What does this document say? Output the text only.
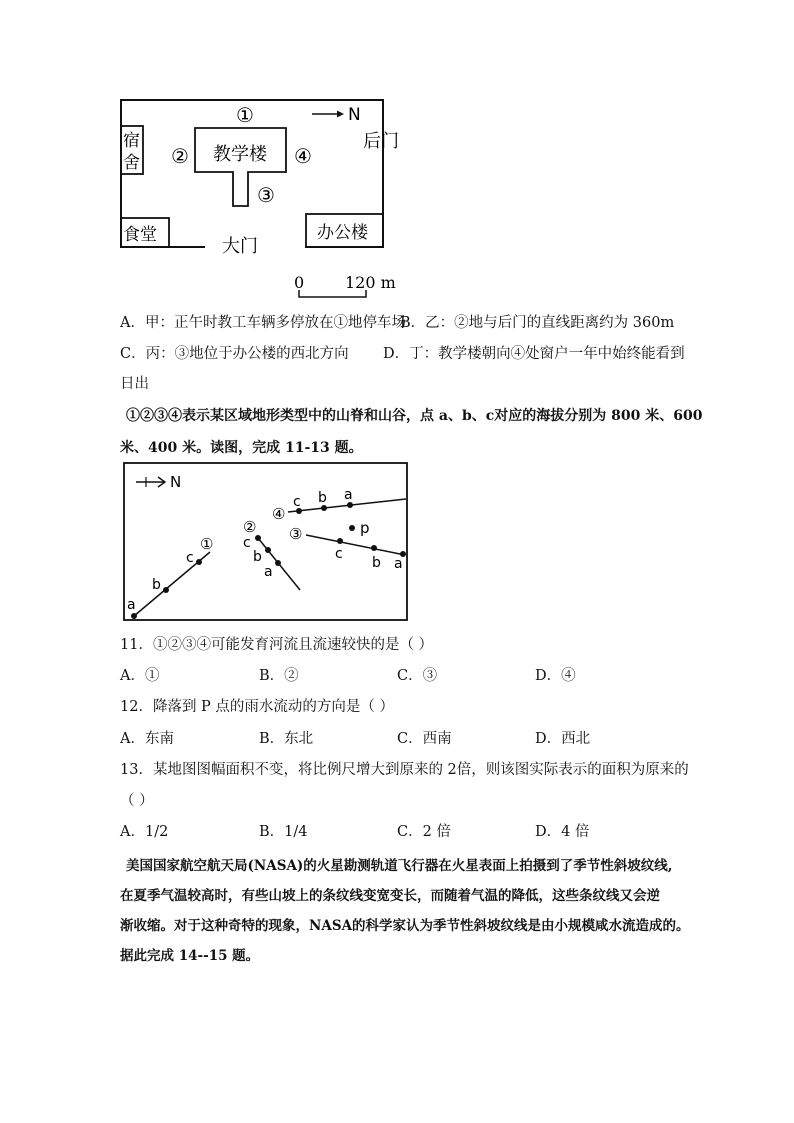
①
②
③
④
N
后门
宿
舍	教学楼
食堂
大门
办公楼
0	120 m
A．甲：正午时教工车辆多停放在①地停车场
B．乙：②地与后门的直线距离约为 360m
C．丙：③地位于办公楼的西北方向 D．丁：教学楼朝向④处窗户一年中始终能看到
日出
①②③④表示某区域地形类型中的山脊和山谷，点 a、b、c对应的海拔分别为 800 米、600
米、400 米。读图，完成 11-13 题。
N
①
a
b
c
②
c
b
a
④
c b a
③
c
b a
p
11．①②③④可能发育河流且流速较快的是（ ）
A．①	B．②	C．③	D．④
12．降落到 P 点的雨水流动的方向是（ ）
A．东南	B．东北	C．西南	D．西北
13．某地图图幅面积不变，将比例尺增大到原来的 2倍，则该图实际表示的面积为原来的
（ ）
A．1/2	B．1/4	C．2 倍	D．4 倍
美国国家航空航天局(NASA)的火星勘测轨道飞行器在火星表面上拍摄到了季节性斜坡纹线,
在夏季气温较高时，有些山坡上的条纹线变宽变长，而随着气温的降低，这些条纹线又会逆
渐收缩。对于这种奇特的现象，NASA的科学家认为季节性斜坡纹线是由小规模咸水流造成的。
据此完成 14--15 题。
